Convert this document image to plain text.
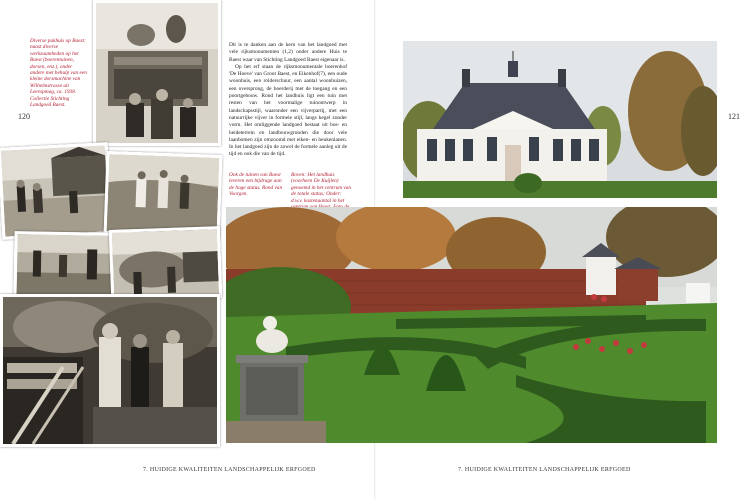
120
Diverse pakhuis op Baest: naast diverse werkzaamheden op het Baest (boerentuinen, dorsen, enz.), onder andere met behulp van een kleine dorsmachine van Wilhelmstrasse uit Leeropmag, ca. 1938. Collectie Stichting Landgoed Baest.

Dit is te danken aan de kern van het landgoed met vele rijksmonumenten (1,2) onder andere Huis te Baest waar van Stichting Landgoed Baest eigenaar is.

Op het erf staan de rijksmonumentale boerenhof 'De Hoeve' van Groot Baest, en Eikenhof(7), een oude woonhuis, een rolderschuur, een aantal woonhuizen, een oversprong, de boerderij met de toegang en een poortgebouw. Rond het landhuis ligt een tuin met resten van het voormalige tuinontwerp in landschapsstijl, waaronder een vijverpartij, met een natuurrijke vijver in formele stijl, langs kegel zonder vorm. Het omliggende landgoed bestaat uit bos- en heideterrein en landbouwgronden die door vele laanbomen zijn omzoomd met eiken- en beukenlanen. In het landgoed zijn de zowel de formele aanleg uit de tijd en ook die van de tijd.

Ook de tuinen van Baest leveren een bijdrage aan de hoge status. Rond van Voorgen.
Boven: Het landhuis (voorheen De Kuijlen) genoemd in het centrum van de totale status; Onder: d.w.v. kastenaantal in het
7. HUIDIGE KWALITEITEN LANDSCHAPPELIJK ERFGOED
121
7. HUIDIGE KWALITEITEN LANDSCHAPPELIJK ERFGOED
